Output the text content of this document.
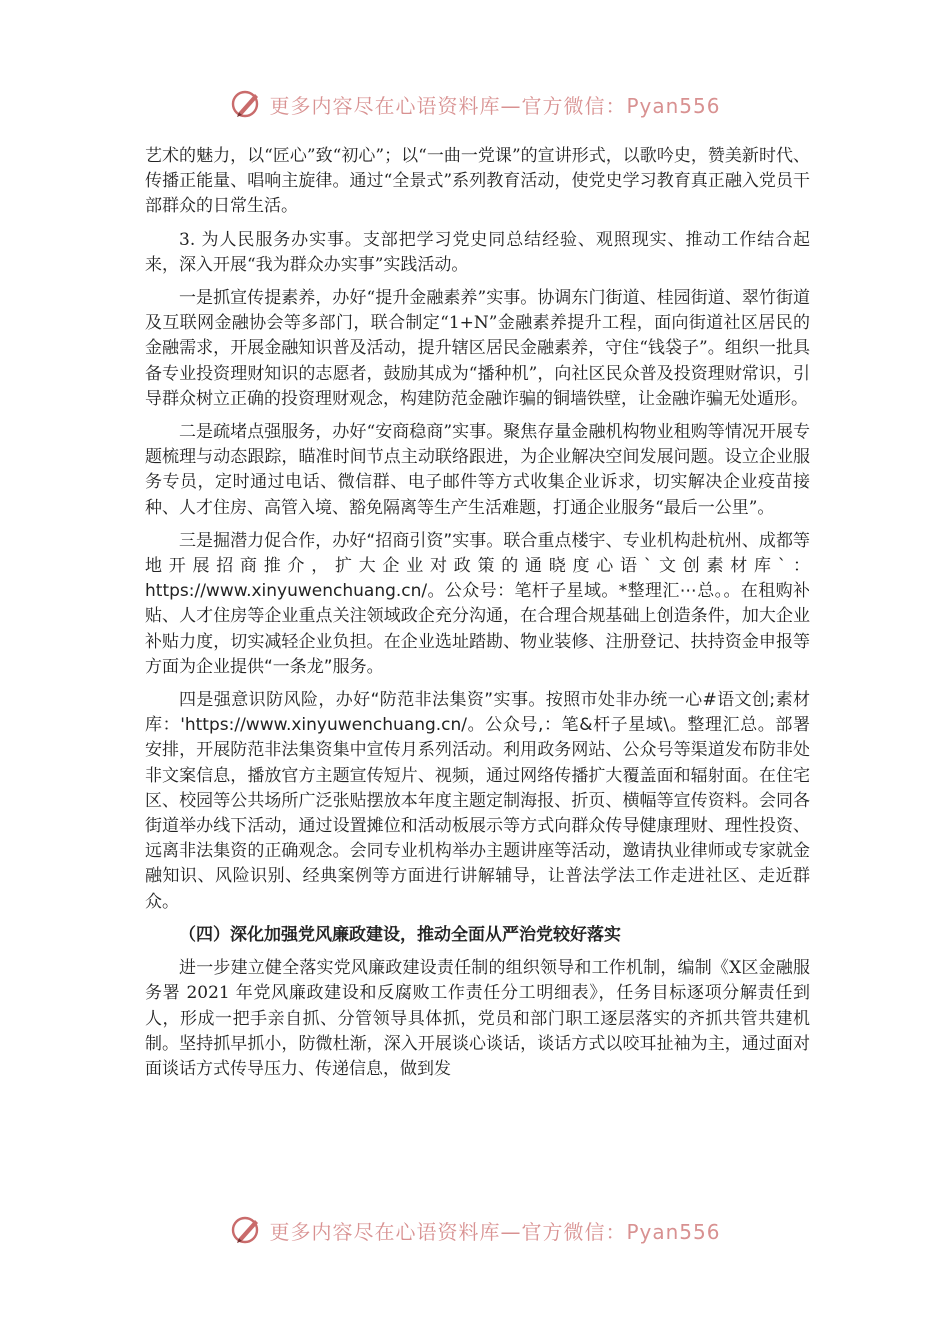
更多内容尽在心语资料库—官方微信：Pyan556

艺术的魅力，以“匠心”致“初心”；以“一曲一党课”的宣讲形式，以歌吟史，赞美新时代、传播正能量、唱响主旋律。通过“全景式”系列教育活动，使党史学习教育真正融入党员干部群众的日常生活。

3. 为人民服务办实事。支部把学习党史同总结经验、观照现实、推动工作结合起来，深入开展“我为群众办实事”实践活动。

一是抓宣传提素养，办好“提升金融素养”实事。协调东门街道、桂园街道、翠竹街道及互联网金融协会等多部门，联合制定“1+N”金融素养提升工程，面向街道社区居民的金融需求，开展金融知识普及活动，提升辖区居民金融素养，守住“钱袋子”。组织一批具备专业投资理财知识的志愿者，鼓励其成为“播种机”，向社区民众普及投资理财常识，引导群众树立正确的投资理财观念，构建防范金融诈骗的铜墙铁壁，让金融诈骗无处遁形。

二是疏堵点强服务，办好“安商稳商”实事。聚焦存量金融机构物业租购等情况开展专题梳理与动态跟踪，瞄准时间节点主动联络跟进，为企业解决空间发展问题。设立企业服务专员，定时通过电话、微信群、电子邮件等方式收集企业诉求，切实解决企业疫苗接种、人才住房、高管入境、豁免隔离等生产生活难题，打通企业服务“最后一公里”。

三是掘潜力促合作，办好“招商引资”实事。联合重点楼宇、专业机构赴杭州、成都等地开展招商推介，扩大企业对政策的通晓度心语`文创素材库`：https://www.xinyuwenchuang.cn/。公众号：笔杆子星域。*整理汇⋯总。。在租购补贴、人才住房等企业重点关注领域政企充分沟通，在合理合规基础上创造条件，加大企业补贴力度，切实减轻企业负担。在企业选址踏勘、物业装修、注册登记、扶持资金申报等方面为企业提供“一条龙”服务。

四是强意识防风险，办好“防范非法集资”实事。按照市处非办统一心#语文创;素材库：'https://www.xinyuwenchuang.cn/。公众号,：笔&杆子星域\。整理汇总。部署安排，开展防范非法集资集中宣传月系列活动。利用政务网站、公众号等渠道发布防非处非文案信息，播放官方主题宣传短片、视频，通过网络传播扩大覆盖面和辐射面。在住宅区、校园等公共场所广泛张贴摆放本年度主题定制海报、折页、横幅等宣传资料。会同各街道举办线下活动，通过设置摊位和活动板展示等方式向群众传导健康理财、理性投资、远离非法集资的正确观念。会同专业机构举办主题讲座等活动，邀请执业律师或专家就金融知识、风险识别、经典案例等方面进行讲解辅导，让普法学法工作走进社区、走近群众。

（四）深化加强党风廉政建设，推动全面从严治党较好落实

进一步建立健全落实党风廉政建设责任制的组织领导和工作机制，编制《X区金融服务署 2021 年党风廉政建设和反腐败工作责任分工明细表》，任务目标逐项分解责任到人，形成一把手亲自抓、分管领导具体抓，党员和部门职工逐层落实的齐抓共管共建机制。坚持抓早抓小，防微杜渐，深入开展谈心谈话，谈话方式以咬耳扯袖为主，通过面对面谈话方式传导压力、传递信息，做到发

更多内容尽在心语资料库—官方微信：Pyan556
